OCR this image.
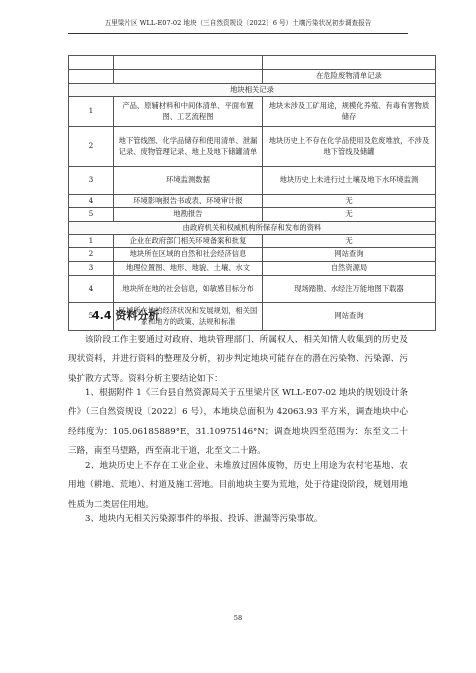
五里梁片区 WLL-E07-02 地块（三自然资规设〔2022〕6 号）土壤污染状况初步调查报告

		在危险废物清单记录
地块相关记录		
1	产品、原辅材料和中间体清单、平面布置图、工艺流程图	地块未涉及工矿用途，规模化养殖、有毒有害物质储存
2	地下管线图、化学品储存和使用清单、泄漏记录、废物管理记录、地上及地下储罐清单	地块历史上不存在化学品使用及危废堆放，不涉及地下管线及储罐
3	环境监测数据	地块历史上未进行过土壤及地下水环境监测
4	环境影响报告书或表、环境审计报	无
5	地勘报告	无
由政府机关和权威机构所保存和发布的资料		
1	企业在政府部门相关环境备案和批复	无
2	地块所在区域的自然和社会经济信息	网站查询
3	地理位置图、地形、地貌、土壤、水文	自然资源局
4	地块所在地的社会信息，如敏感目标分布	现场踏勘、水经注万能地图下载器
5	区域所在地的经济状况和发展规划，相关国家和地方的政策、法规和标准	网站查询
4.4 资料分析

该阶段工作主要通过对政府、地块管理部门、所属权人、相关知情人收集到的历史及现状资料，并进行资料的整理及分析，初步判定地块可能存在的潜在污染物、污染源、污染扩散方式等。资料分析主要结论如下：

1、根据附件 1《三台县自然资源局关于五里梁片区 WLL-E07-02 地块的规划设计条件》（三自然资规设〔2022〕6 号），本地块总面积为 42063.93 平方米，调查地块中心经纬度为：105.06185889°E，31.10975146°N；调查地块四至范围为：东至文二十三路，南至马望路，西至南北干道，北至文二十路。

2、地块历史上不存在工业企业、未堆放过固体废物，历史上用途为农村宅基地、农用地（耕地、荒地）、村道及施工营地。目前地块主要为荒地，处于待建设阶段，规划用地性质为二类居住用地。

3、地块内无相关污染源事件的举报、投诉、泄漏等污染事故。

58
